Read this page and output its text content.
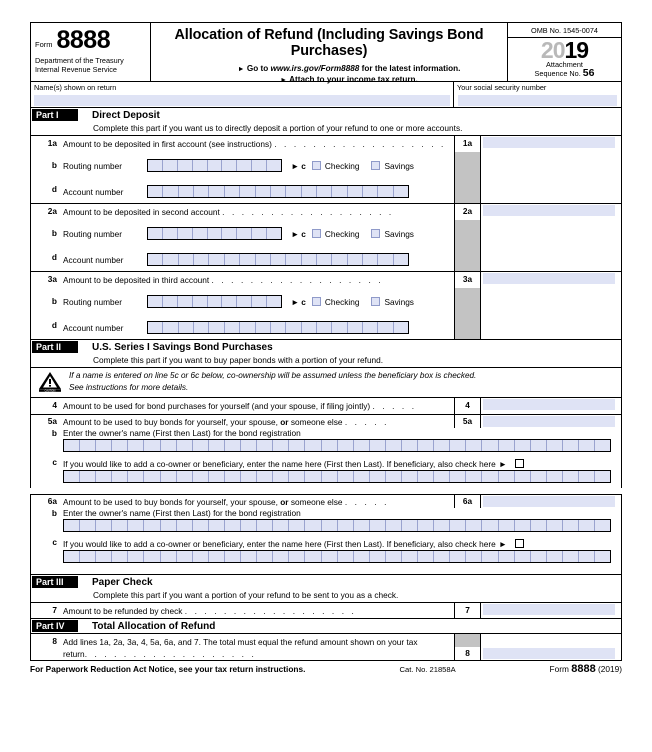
Form 8888
Department of the Treasury
Internal Revenue Service
Allocation of Refund (Including Savings Bond Purchases)
► Go to www.irs.gov/Form8888 for the latest information.
► Attach to your income tax return.
OMB No. 1545-0074
2019
Attachment
Sequence No. 56
Name(s) shown on return	Your social security number
Part I	Direct Deposit
Complete this part if you want us to directly deposit a portion of your refund to one or more accounts.
1a Amount to be deposited in first account (see instructions) . . . . . . . . . . . . . . . . . .	1a
b Routing number	► c Checking	Savings
d Account number
2a Amount to be deposited in second account . . . . . . . . . . . . . . . . . .	2a
b Routing number	► c Checking	Savings
d Account number
3a Amount to be deposited in third account . . . . . . . . . . . . . . . . . .	3a
b Routing number	► c Checking	Savings
d Account number
Part II	U.S. Series I Savings Bond Purchases
Complete this part if you want to buy paper bonds with a portion of your refund.
CAUTION
If a name is entered on line 5c or 6c below, co-ownership will be assumed unless the beneficiary box is checked.
See instructions for more details.
4 Amount to be used for bond purchases for yourself (and your spouse, if filing jointly) . . . . .	4
5a Amount to be used to buy bonds for yourself, your spouse, or someone else . . . . .	5a
b Enter the owner's name (First then Last) for the bond registration
c If you would like to add a co-owner or beneficiary, enter the name here (First then Last). If beneficiary, also check here ►
6a Amount to be used to buy bonds for yourself, your spouse, or someone else . . . . .	6a
b Enter the owner's name (First then Last) for the bond registration
c If you would like to add a co-owner or beneficiary, enter the name here (First then Last). If beneficiary, also check here ►
Part III	Paper Check
Complete this part if you want a portion of your refund to be sent to you as a check.
7 Amount to be refunded by check . . . . . . . . . . . . . . . . . .	7
Part IV	Total Allocation of Refund
8 Add lines 1a, 2a, 3a, 4, 5a, 6a, and 7. The total must equal the refund amount shown on your tax
return. . . . . . . . . . . . . . . . . .	8
For Paperwork Reduction Act Notice, see your tax return instructions.	Cat. No. 21858A	Form 8888 (2019)
